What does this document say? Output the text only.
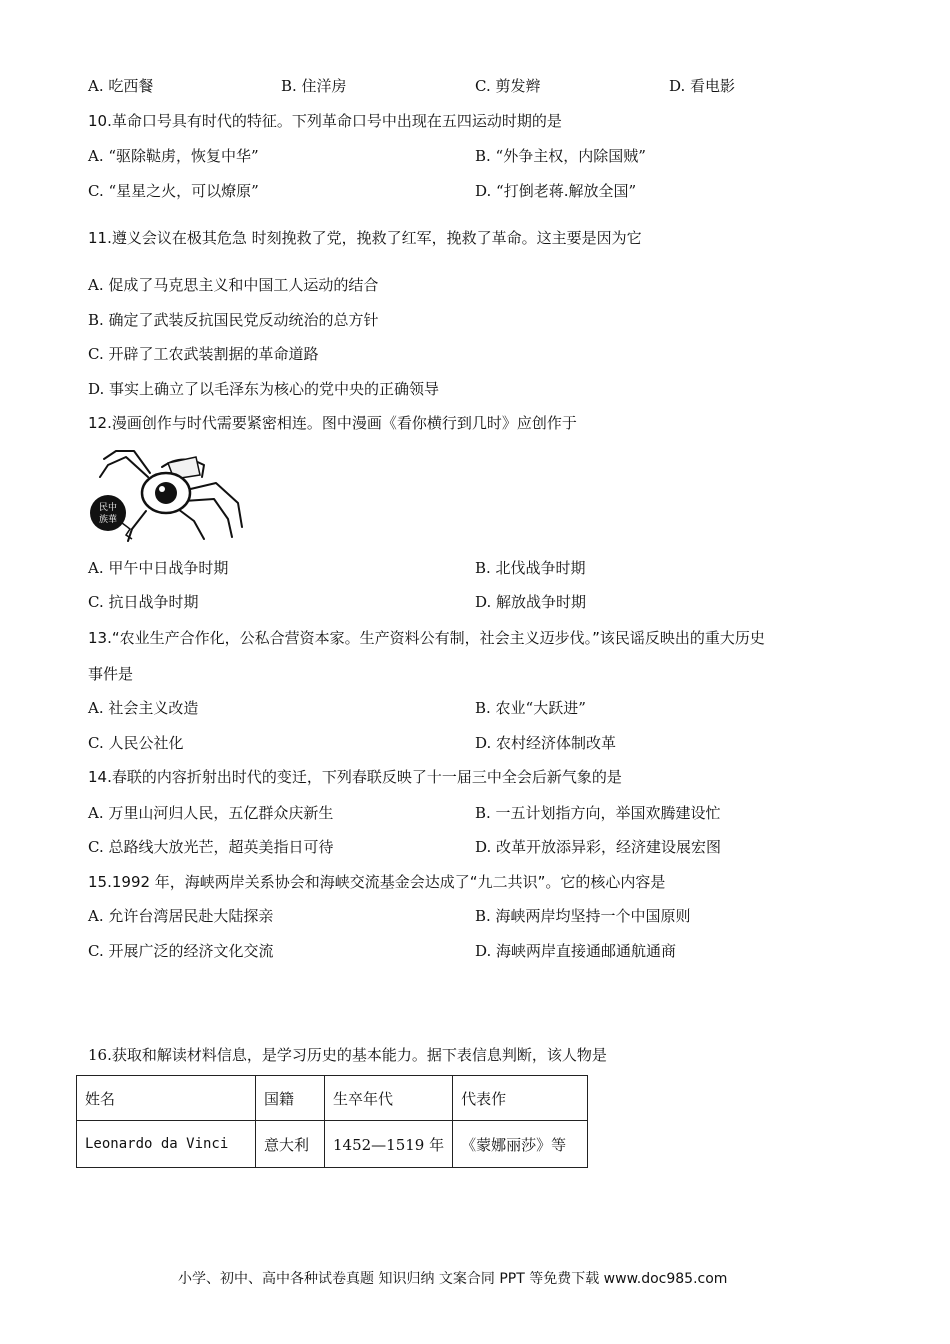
A. 吃西餐	B. 住洋房	C. 剪发辫	D. 看电影
10.革命口号具有时代的特征。下列革命口号中出现在五四运动时期的是
A. “驱除鞑虏，恢复中华”	B. “外争主权，内除国贼”
C. “星星之火，可以燎原”	D. “打倒老蒋.解放全国”
11.遵义会议在极其危急 时刻挽救了党，挽救了红军，挽救了革命。这主要是因为它
A. 促成了马克思主义和中国工人运动的结合
B. 确定了武装反抗国民党反动统治的总方针
C. 开辟了工农武装割据的革命道路
D. 事实上确立了以毛泽东为核心的党中央的正确领导
12.漫画创作与时代需要紧密相连。图中漫画《看你横行到几时》应创作于
民中
族華
A. 甲午中日战争时期	B. 北伐战争时期
C. 抗日战争时期	D. 解放战争时期
13.“农业生产合作化，公私合营资本家。生产资料公有制，社会主义迈步伐。”该民谣反映出的重大历史
事件是
A. 社会主义改造	B. 农业“大跃进”
C. 人民公社化	D. 农村经济体制改革
14.春联的内容折射出时代的变迁，下列春联反映了十一届三中全会后新气象的是
A. 万里山河归人民，五亿群众庆新生	B. 一五计划指方向，举国欢腾建设忙
C. 总路线大放光芒，超英美指日可待	D. 改革开放添异彩，经济建设展宏图
15.1992 年，海峡两岸关系协会和海峡交流基金会达成了“九二共识”。它的核心内容是
A. 允许台湾居民赴大陆探亲	B. 海峡两岸均坚持一个中国原则
C. 开展广泛的经济文化交流	D. 海峡两岸直接通邮通航通商
16.获取和解读材料信息，是学习历史的基本能力。据下表信息判断，该人物是
姓名	国籍	生卒年代	代表作
Leonardo da Vinci	意大利	1452—1519 年	《蒙娜丽莎》等
小学、初中、高中各种试卷真题 知识归纳 文案合同 PPT 等免费下载 www.doc985.com
